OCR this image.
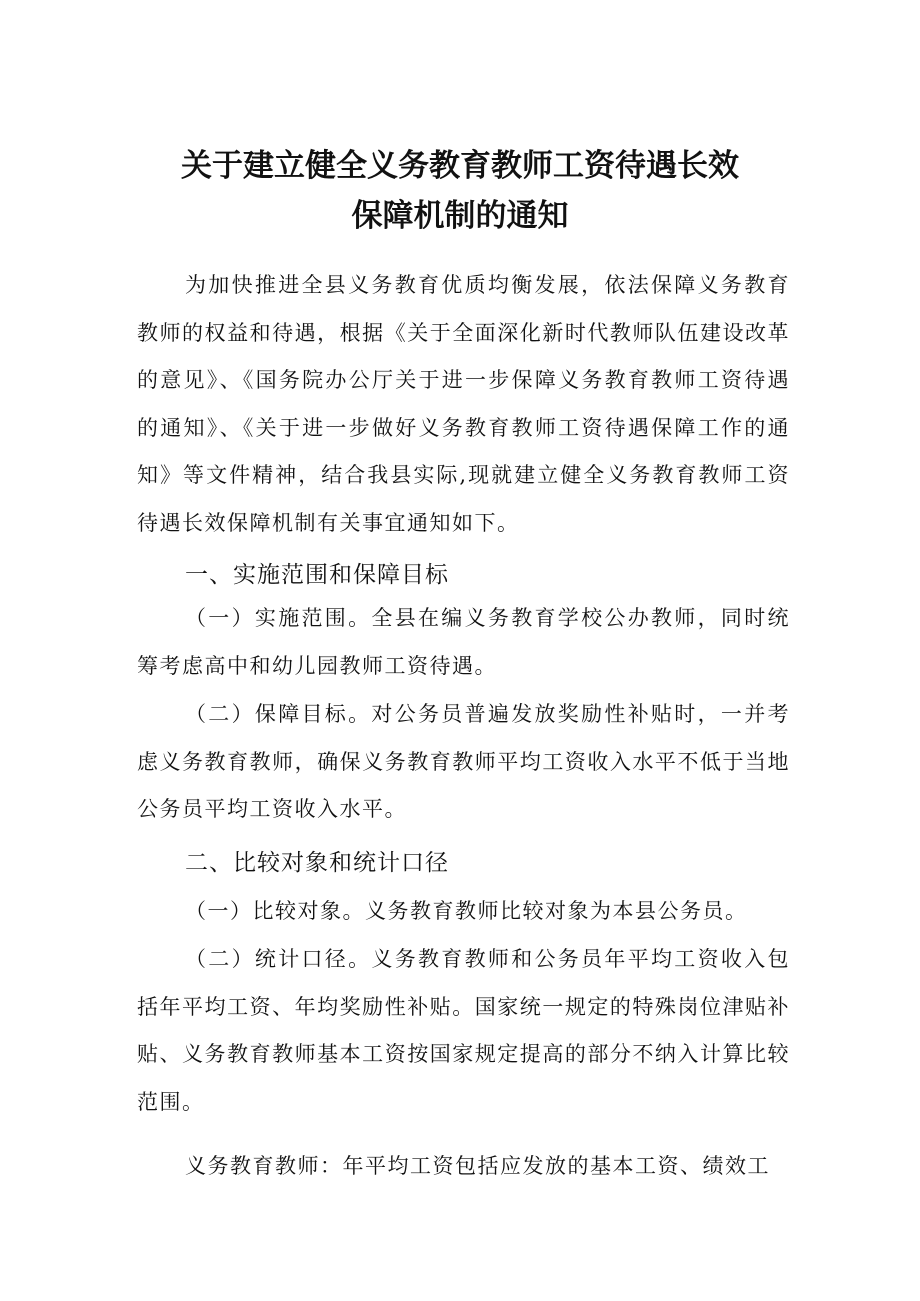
关于建立健全义务教育教师工资待遇长效
保障机制的通知

为加快推进全县义务教育优质均衡发展，依法保障义务教育教师的权益和待遇，根据《关于全面深化新时代教师队伍建设改革的意见》、《国务院办公厅关于进一步保障义务教育教师工资待遇的通知》、《关于进一步做好义务教育教师工资待遇保障工作的通知》等文件精神，结合我县实际,现就建立健全义务教育教师工资待遇长效保障机制有关事宜通知如下。

一、实施范围和保障目标

（一）实施范围。全县在编义务教育学校公办教师，同时统筹考虑高中和幼儿园教师工资待遇。

（二）保障目标。对公务员普遍发放奖励性补贴时，一并考虑义务教育教师，确保义务教育教师平均工资收入水平不低于当地公务员平均工资收入水平。

二、比较对象和统计口径

（一）比较对象。义务教育教师比较对象为本县公务员。

（二）统计口径。义务教育教师和公务员年平均工资收入包括年平均工资、年均奖励性补贴。国家统一规定的特殊岗位津贴补贴、义务教育教师基本工资按国家规定提高的部分不纳入计算比较范围。

义务教育教师：年平均工资包括应发放的基本工资、绩效工
